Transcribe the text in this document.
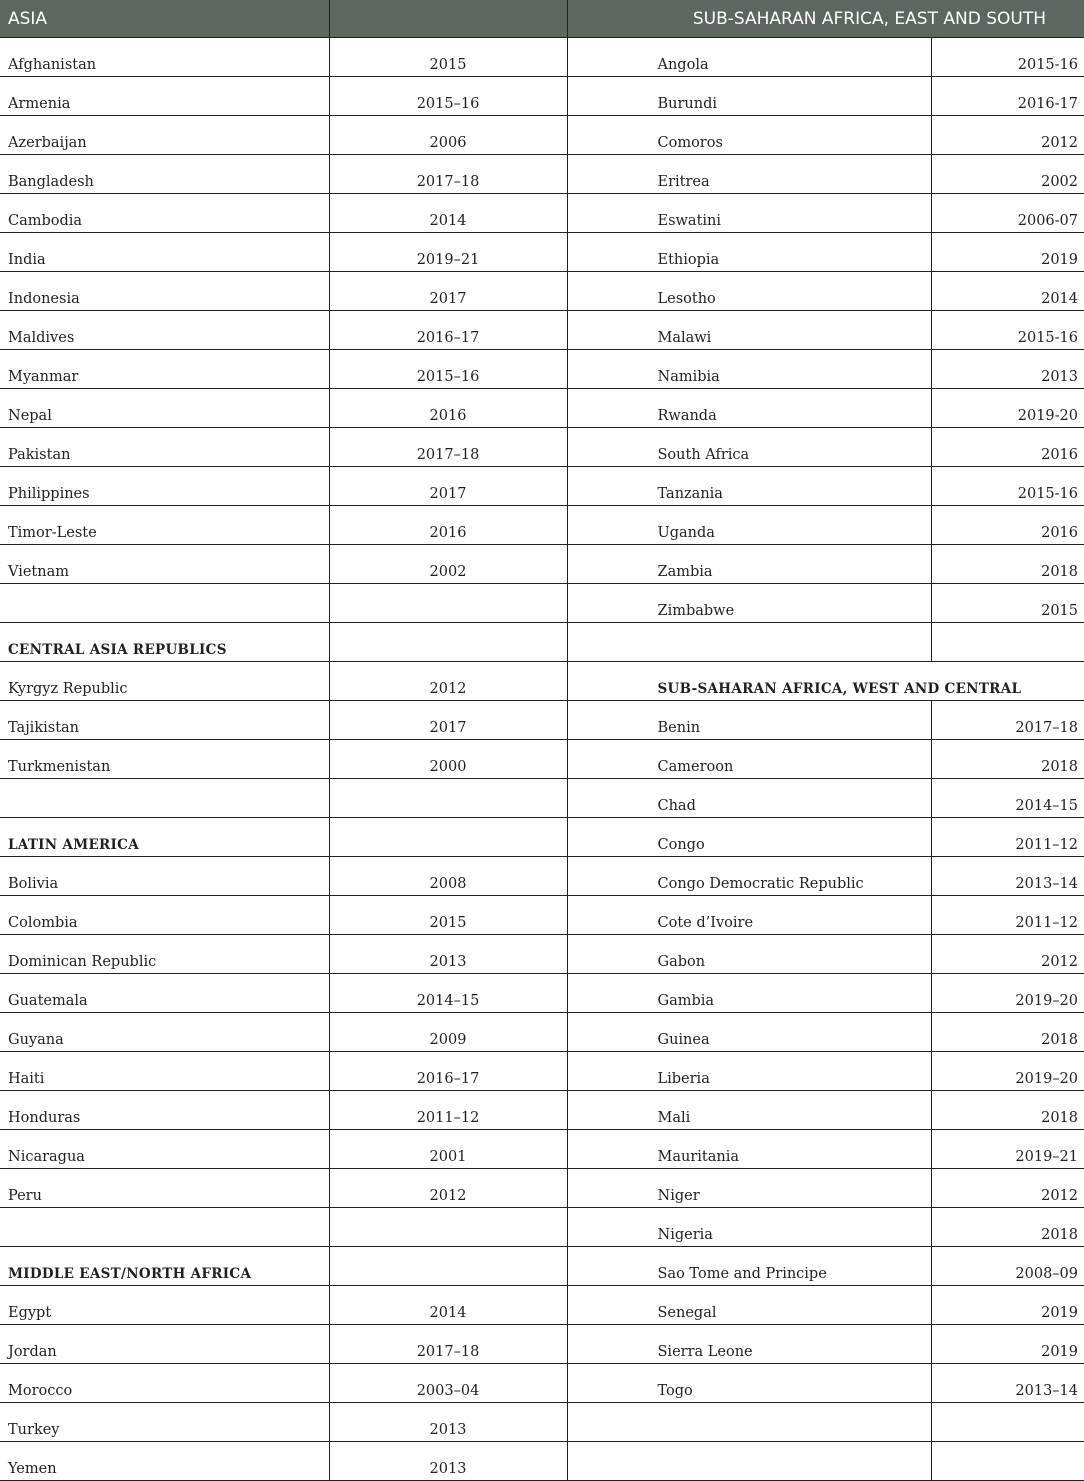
ASIA		SUB-SAHARAN AFRICA, EAST AND SOUTH	
Afghanistan	2015	Angola	2015-16
Armenia	2015–16	Burundi	2016-17
Azerbaijan	2006	Comoros	2012
Bangladesh	2017–18	Eritrea	2002
Cambodia	2014	Eswatini	2006-07
India	2019–21	Ethiopia	2019
Indonesia	2017	Lesotho	2014
Maldives	2016–17	Malawi	2015-16
Myanmar	2015–16	Namibia	2013
Nepal	2016	Rwanda	2019-20
Pakistan	2017–18	South Africa	2016
Philippines	2017	Tanzania	2015-16
Timor-Leste	2016	Uganda	2016
Vietnam	2002	Zambia	2018
		Zimbabwe	2015
CENTRAL ASIA REPUBLICS			
Kyrgyz Republic	2012	SUB-SAHARAN AFRICA, WEST AND CENTRAL	
Tajikistan	2017	Benin	2017–18
Turkmenistan	2000	Cameroon	2018
		Chad	2014–15
LATIN AMERICA		Congo	2011–12
Bolivia	2008	Congo Democratic Republic	2013–14
Colombia	2015	Cote d’Ivoire	2011–12
Dominican Republic	2013	Gabon	2012
Guatemala	2014–15	Gambia	2019–20
Guyana	2009	Guinea	2018
Haiti	2016–17	Liberia	2019–20
Honduras	2011–12	Mali	2018
Nicaragua	2001	Mauritania	2019–21
Peru	2012	Niger	2012
		Nigeria	2018
MIDDLE EAST/NORTH AFRICA		Sao Tome and Principe	2008–09
Egypt	2014	Senegal	2019
Jordan	2017–18	Sierra Leone	2019
Morocco	2003–04	Togo	2013–14
Turkey	2013		
Yemen	2013		
